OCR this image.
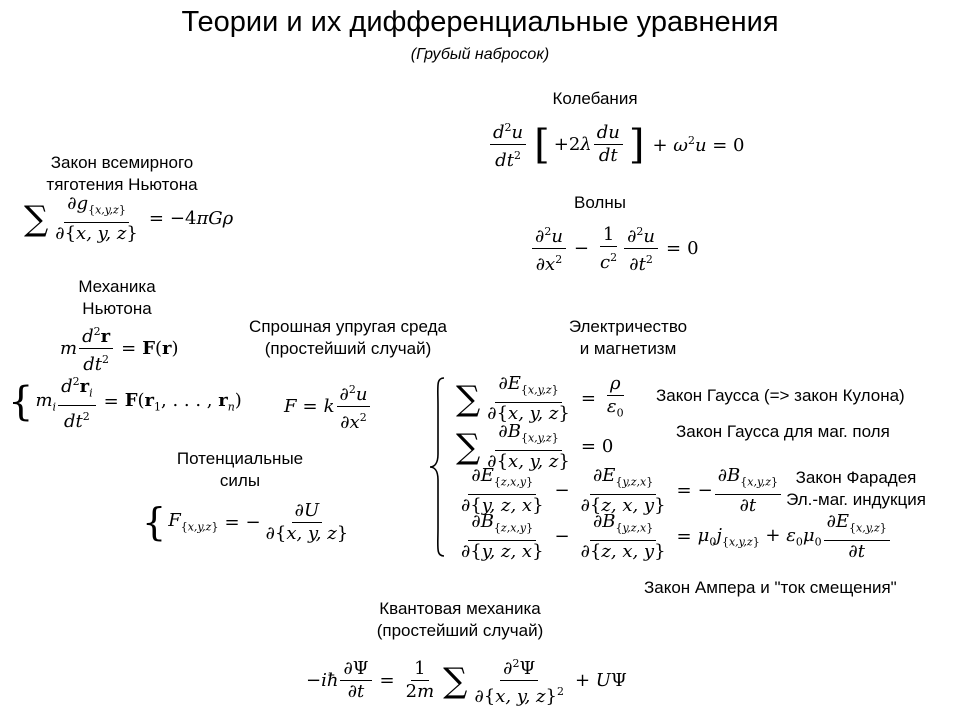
Теории и их дифференциальные уравнения
(Грубый набросок)
Колебания
$\frac{d^2u}{dt^2}$ [ $+2\lambda \frac{du}{dt}$ ] + $\omega^2u = 0$
Волны
$\frac{\partial^2u}{\partial x^2} - \frac{1}{c^2} \frac{\partial^2u}{\partial t^2} = 0$
Закон всемирного
тяготения Ньютона
∑ $\frac{\partial g_{\{x,y,z\}}}{\partial\{x, y, z\}} = -4\pi G\rho$
Механика
Ньютона
m $\frac{d^2r}{dt^2} = F(r)$
{ $m_i \frac{d^2r_i}{dt^2} = F(r_1$, . . . , $r_n$)
Спрошная упругая среда
(простейший случай)
F = k $\frac{\partial^2u}{\partial x^2}$
Электричество
и магнетизм
∑ $\frac{\partial E_{\{x,y,z\}}}{\partial\{x, y, z\}} = \frac{\rho}{\varepsilon_0}$
∑ $\frac{\partial B_{\{x,y,z\}}}{\partial\{x, y, z\}} = 0$
$\frac{\partial E_{\{z,x,y\}}}{\partial\{y, z, x\}} - \frac{\partial E_{\{y,z,x\}}}{\partial\{z, x, y\}}$ = − $\frac{\partial B_{\{x,y,z\}}}{\partial t}$
$\frac{\partial B_{\{z,x,y\}}}{\partial\{y, z, x\}} - \frac{\partial B_{\{y,z,x\}}}{\partial\{z, x, y\}} = \mu_0j_{\{x,y,z\}} + \varepsilon_0\mu_0 \frac{\partial E_{\{x,y,z\}}}{\partial t}$
Закон Гаусса (=> закон Кулона)
Закон Гаусса для маг. поля
Закон Фарадея
Эл.-маг. индукция
Закон Ампера и "ток смещения"
Потенциальные
силы
{ $F_{\{x,y,z\}}$ = − $\frac{\partial U}{\partial\{x, y, z\}}$
Квантовая механика
(простейший случай)
−iħ $\frac{\partial\Psi}{\partial t} = \frac{1}{2m}$ ∑ $\frac{\partial^2\Psi}{\partial\{x, y, z\}^2} + U\Psi$
